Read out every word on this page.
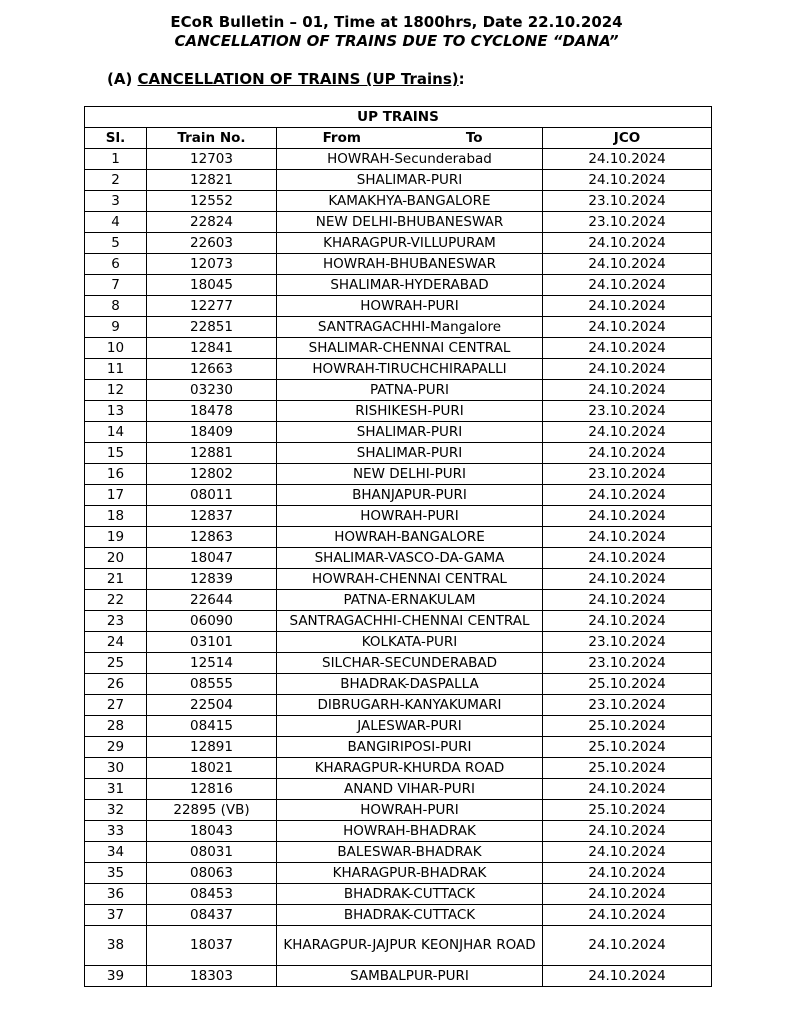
ECoR Bulletin – 01, Time at 1800hrs, Date 22.10.2024
CANCELLATION OF TRAINS DUE TO CYCLONE “DANA”
(A) CANCELLATION OF TRAINS (UP Trains):
UP TRAINS				
Sl.	Train No.	From	To	JCO
1	12703	HOWRAH-Secunderabad		24.10.2024
2	12821	SHALIMAR-PURI		24.10.2024
3	12552	KAMAKHYA-BANGALORE		23.10.2024
4	22824	NEW DELHI-BHUBANESWAR		23.10.2024
5	22603	KHARAGPUR-VILLUPURAM		24.10.2024
6	12073	HOWRAH-BHUBANESWAR		24.10.2024
7	18045	SHALIMAR-HYDERABAD		24.10.2024
8	12277	HOWRAH-PURI		24.10.2024
9	22851	SANTRAGACHHI-Mangalore		24.10.2024
10	12841	SHALIMAR-CHENNAI CENTRAL		24.10.2024
11	12663	HOWRAH-TIRUCHCHIRAPALLI		24.10.2024
12	03230	PATNA-PURI		24.10.2024
13	18478	RISHIKESH-PURI		23.10.2024
14	18409	SHALIMAR-PURI		24.10.2024
15	12881	SHALIMAR-PURI		24.10.2024
16	12802	NEW DELHI-PURI		23.10.2024
17	08011	BHANJAPUR-PURI		24.10.2024
18	12837	HOWRAH-PURI		24.10.2024
19	12863	HOWRAH-BANGALORE		24.10.2024
20	18047	SHALIMAR-VASCO-DA-GAMA		24.10.2024
21	12839	HOWRAH-CHENNAI CENTRAL		24.10.2024
22	22644	PATNA-ERNAKULAM		24.10.2024
23	06090	SANTRAGACHHI-CHENNAI CENTRAL		24.10.2024
24	03101	KOLKATA-PURI		23.10.2024
25	12514	SILCHAR-SECUNDERABAD		23.10.2024
26	08555	BHADRAK-DASPALLA		25.10.2024
27	22504	DIBRUGARH-KANYAKUMARI		23.10.2024
28	08415	JALESWAR-PURI		25.10.2024
29	12891	BANGIRIPOSI-PURI		25.10.2024
30	18021	KHARAGPUR-KHURDA ROAD		25.10.2024
31	12816	ANAND VIHAR-PURI		24.10.2024
32	22895 (VB)	HOWRAH-PURI		25.10.2024
33	18043	HOWRAH-BHADRAK		24.10.2024
34	08031	BALESWAR-BHADRAK		24.10.2024
35	08063	KHARAGPUR-BHADRAK		24.10.2024
36	08453	BHADRAK-CUTTACK		24.10.2024
37	08437	BHADRAK-CUTTACK		24.10.2024
38	18037	KHARAGPUR-JAJPUR KEONJHAR ROAD		24.10.2024
39	18303	SAMBALPUR-PURI		24.10.2024
